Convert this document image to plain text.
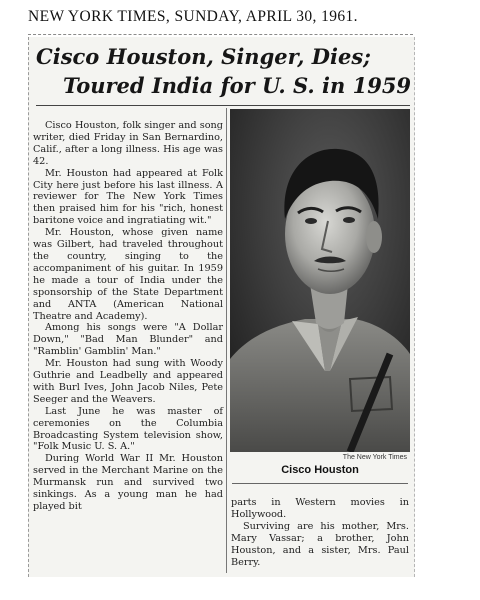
NEW YORK TIMES, SUNDAY, APRIL 30, 1961.
Cisco Houston, Singer, Dies;
Toured India for U. S. in 1959

Cisco Houston, folk singer and song writer, died Friday in San Bernardino, Calif., after a long illness. His age was 42.

Mr. Houston had appeared at Folk City here just before his last illness. A reviewer for The New York Times then praised him for his "rich, honest baritone voice and ingratiating wit."

Mr. Houston, whose given name was Gilbert, had traveled throughout the country, singing to the accompaniment of his guitar. In 1959 he made a tour of India under the sponsorship of the State Department and ANTA (American National Theatre and Academy).

Among his songs were "A Dollar Down," "Bad Man Blunder" and "Ramblin' Gamblin' Man."

Mr. Houston had sung with Woody Guthrie and Leadbelly and appeared with Burl Ives, John Jacob Niles, Pete Seeger and the Weavers.

Last June he was master of ceremonies on the Columbia Broadcasting System television show, "Folk Music U. S. A."

During World War II Mr. Houston served in the Merchant Marine on the Murmansk run and survived two sinkings. As a young man he had played bit

The New York Times
Cisco Houston

parts in Western movies in Hollywood.

Surviving are his mother, Mrs. Mary Vassar; a brother, John Houston, and a sister, Mrs. Paul Berry.
